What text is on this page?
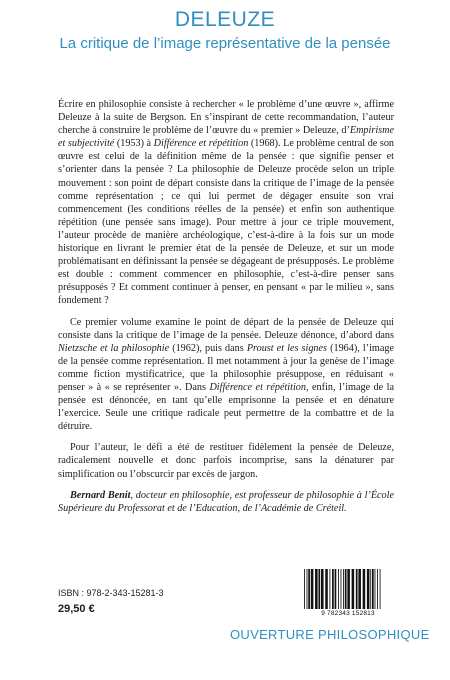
DELEUZE
La critique de l’image représentative de la pensée

Écrire en philosophie consiste à rechercher « le problème d’une œuvre », affirme Deleuze à la suite de Bergson. En s’inspirant de cette recommandation, l’auteur cherche à construire le problème de l’œuvre du « premier » Deleuze, d’Empirisme et subjectivité (1953) à Différence et répétition (1968). Le problème central de son œuvre est celui de la définition même de la pensée : que signifie penser et s’orienter dans la pensée ? La philosophie de Deleuze procède selon un triple mouvement : son point de départ consiste dans la critique de l’image de la pensée comme représentation ; ce qui lui permet de dégager ensuite son vrai commencement (les conditions réelles de la pensée) et enfin son authentique répétition (une pensée sans image). Pour mettre à jour ce triple mouvement, l’auteur procède de manière archéologique, c’est-à-dire à la fois sur un mode historique en livrant le premier état de la pensée de Deleuze, et sur un mode problématisant en définissant la pensée se dégageant de présupposés. Le problème est double : comment commencer en philosophie, c’est-à-dire penser sans présupposés ? Et comment continuer à penser, en pensant « par le milieu », sans fondement ?

Ce premier volume examine le point de départ de la pensée de Deleuze qui consiste dans la critique de l’image de la pensée. Deleuze dénonce, d’abord dans Nietzsche et la philosophie (1962), puis dans Proust et les signes (1964), l’image de la pensée comme représentation. Il met notamment à jour la genèse de l’image comme fiction mystificatrice, que la philosophie présuppose, en réduisant « penser » à « se représenter ». Dans Différence et répétition, enfin, l’image de la pensée est dénoncée, en tant qu’elle emprisonne la pensée et en dénature l’exercice. Seule une critique radicale peut permettre de la combattre et de la détruire.

Pour l’auteur, le défi a été de restituer fidèlement la pensée de Deleuze, radicalement nouvelle et donc parfois incomprise, sans la dénaturer par simplification ou l’obscurcir par excès de jargon.

Bernard Benit, docteur en philosophie, est professeur de philosophie à l’École Supérieure du Professorat et de l’Education, de l’Académie de Créteil.

ISBN : 978-2-343-15281-3
29,50 €	9 782343 152813
OUVERTURE PHILOSOPHIQUE
